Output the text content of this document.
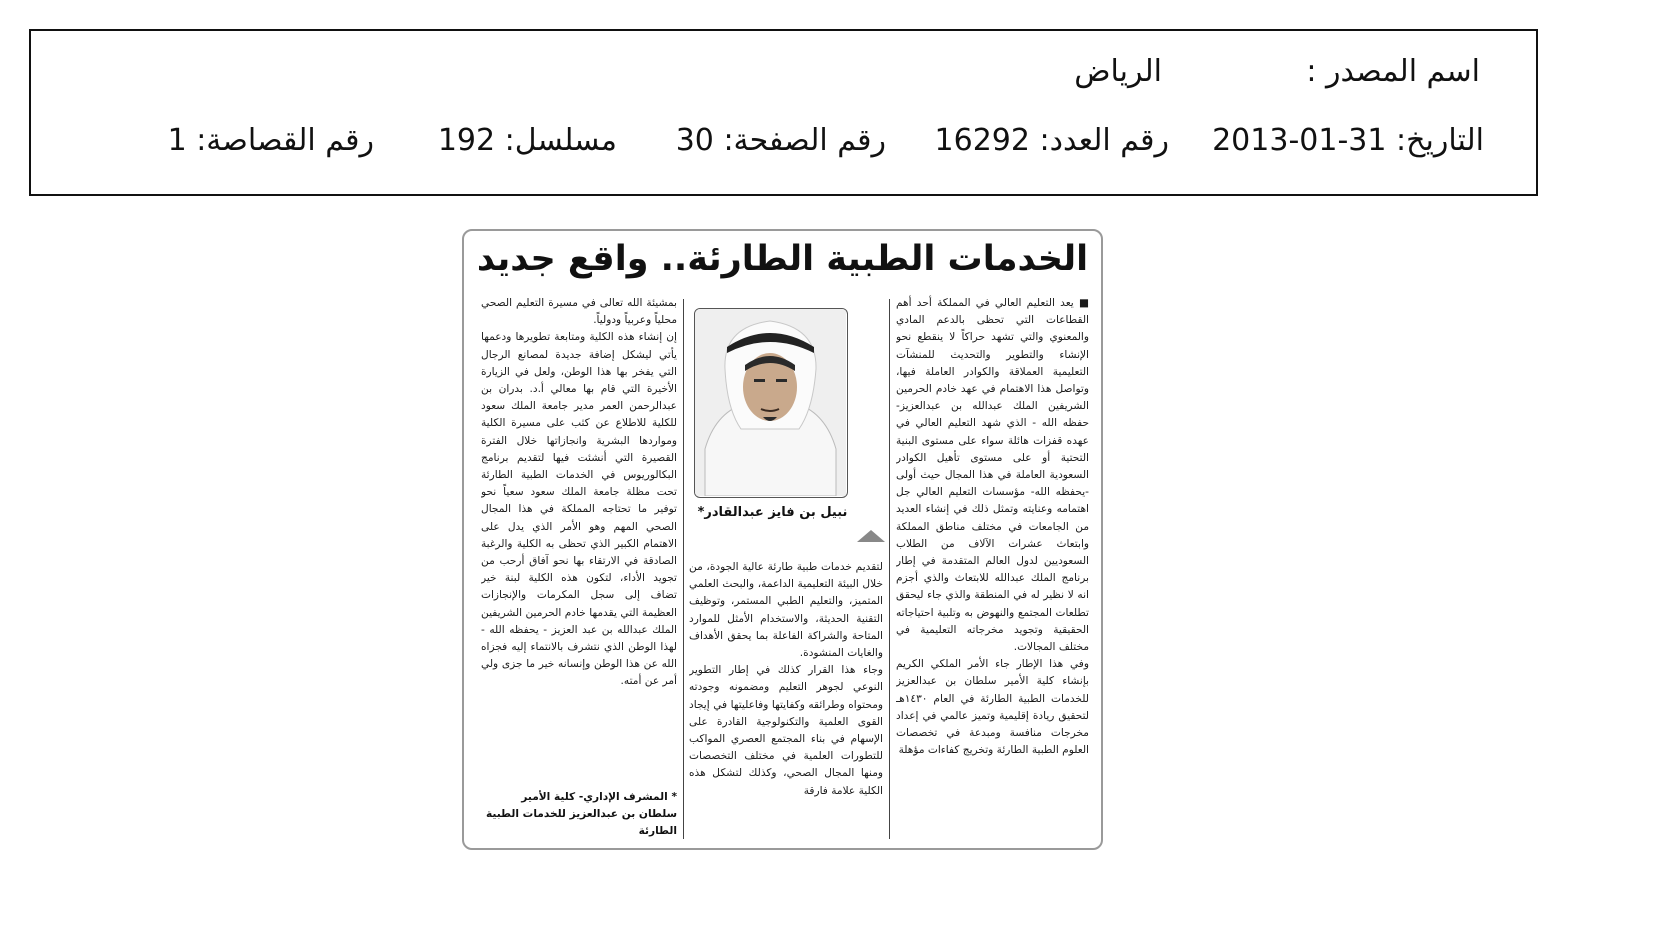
اسم المصدر :
الرياض
التاريخ: 31-01-2013
رقم العدد: 16292
رقم الصفحة: 30
مسلسل: 192
رقم القصاصة: 1
الخدمات الطبية الطارئة.. واقع جديد

■ يعد التعليم العالي في المملكة أحد أهم القطاعات التي تحظى بالدعم المادي والمعنوي والتي تشهد حراكاً لا ينقطع نحو الإنشاء والتطوير والتحديث للمنشآت التعليمية العملاقة والكوادر العاملة فيها، وتواصل هذا الاهتمام في عهد خادم الحرمين الشريفين الملك عبدالله بن عبدالعزيز- حفظه الله - الذي شهد التعليم العالي في عهده قفزات هائلة سواء على مستوى البنية التحتية أو على مستوى تأهيل الكوادر السعودية العاملة في هذا المجال حيث أولى -يحفظه الله- مؤسسات التعليم العالي جل اهتمامه وعنايته وتمثل ذلك في إنشاء العديد من الجامعات في مختلف مناطق المملكة وابتعاث عشرات الآلاف من الطلاب السعوديين لدول العالم المتقدمة في إطار برنامج الملك عبدالله للابتعاث والذي أجزم انه لا نظير له في المنطقة والذي جاء ليحقق تطلعات المجتمع والنهوض به وتلبية احتياجاته الحقيقية وتجويد مخرجاته التعليمية في مختلف المجالات.

وفي هذا الإطار جاء الأمر الملكي الكريم بإنشاء كلية الأمير سلطان بن عبدالعزيز للخدمات الطبية الطارئة في العام ١٤٣٠هـ لتحقيق ريادة إقليمية وتميز عالمي في إعداد مخرجات منافسة ومبدعة في تخصصات العلوم الطبية الطارئة وتخريج كفاءات مؤهلة

نبيل بن فايز عبدالقادر*

لتقديم خدمات طبية طارئة عالية الجودة، من خلال البيئة التعليمية الداعمة، والبحث العلمي المتميز، والتعليم الطبي المستمر، وتوظيف التقنية الحديثة، والاستخدام الأمثل للموارد المتاحة والشراكة الفاعلة بما يحقق الأهداف والغايات المنشودة.

وجاء هذا القرار كذلك في إطار التطوير النوعي لجوهر التعليم ومضمونه وجودته ومحتواه وطرائقه وكفايتها وفاعليتها في إيجاد القوى العلمية والتكنولوجية القادرة على الإسهام في بناء المجتمع العصري المواكب للتطورات العلمية في مختلف التخصصات ومنها المجال الصحي، وكذلك لتشكل هذه الكلية علامة فارقة

بمشيئة الله تعالى في مسيرة التعليم الصحي محلياً وعربياً ودولياً.

إن إنشاء هذه الكلية ومتابعة تطويرها ودعمها يأتي ليشكل إضافة جديدة لمصانع الرجال التي يفخر بها هذا الوطن، ولعل في الزيارة الأخيرة التي قام بها معالي أ.د. بدران بن عبدالرحمن العمر مدير جامعة الملك سعود للكلية للاطلاع عن كثب على مسيرة الكلية ومواردها البشرية وانجازاتها خلال الفترة القصيرة التي أنشئت فيها لتقديم برنامج البكالوريوس في الخدمات الطبية الطارئة تحت مظلة جامعة الملك سعود سعياً نحو توفير ما تحتاجه المملكة في هذا المجال الصحي المهم وهو الأمر الذي يدل على الاهتمام الكبير الذي تحظى به الكلية والرغبة الصادقة في الارتقاء بها نحو آفاق أرحب من تجويد الأداء، لتكون هذه الكلية لبنة خير تضاف إلى سجل المكرمات والإنجازات العظيمة التي يقدمها خادم الحرمين الشريفين الملك عبدالله بن عبد العزيز - يحفظه الله - لهذا الوطن الذي نتشرف بالانتماء إليه فجزاه الله عن هذا الوطن وإنسانه خير ما جزى ولي أمر عن أمته.

* المشرف الإداري- كلية الأمير سلطان بن عبدالعزيز للخدمات الطبية الطارئة
